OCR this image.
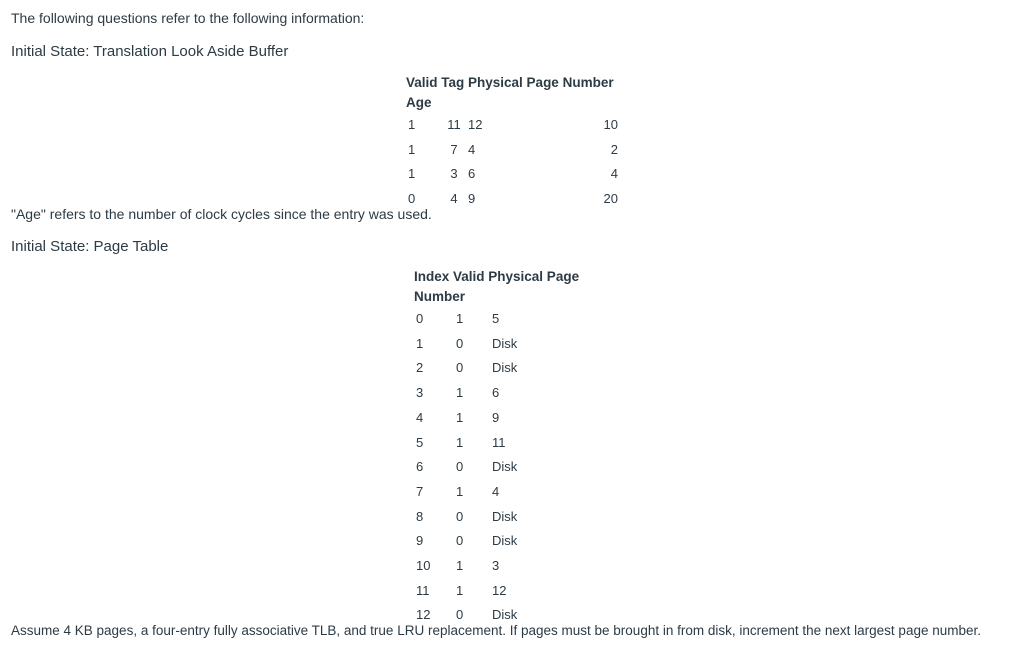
The following questions refer to the following information:
Initial State: Translation Look Aside Buffer
Valid Tag Physical Page Number Age			
1	11	12	10
1	7	4	2
1	3	6	4
0	4	9	20
"Age" refers to the number of clock cycles since the entry was used.
Initial State: Page Table
Index Valid Physical Page Number		
0	1	5
1	0	Disk
2	0	Disk
3	1	6
4	1	9
5	1	11
6	0	Disk
7	1	4
8	0	Disk
9	0	Disk
10	1	3
11	1	12
12	0	Disk
Assume 4 KB pages, a four-entry fully associative TLB, and true LRU replacement. If pages must be brought in from disk, increment the next largest page number.
